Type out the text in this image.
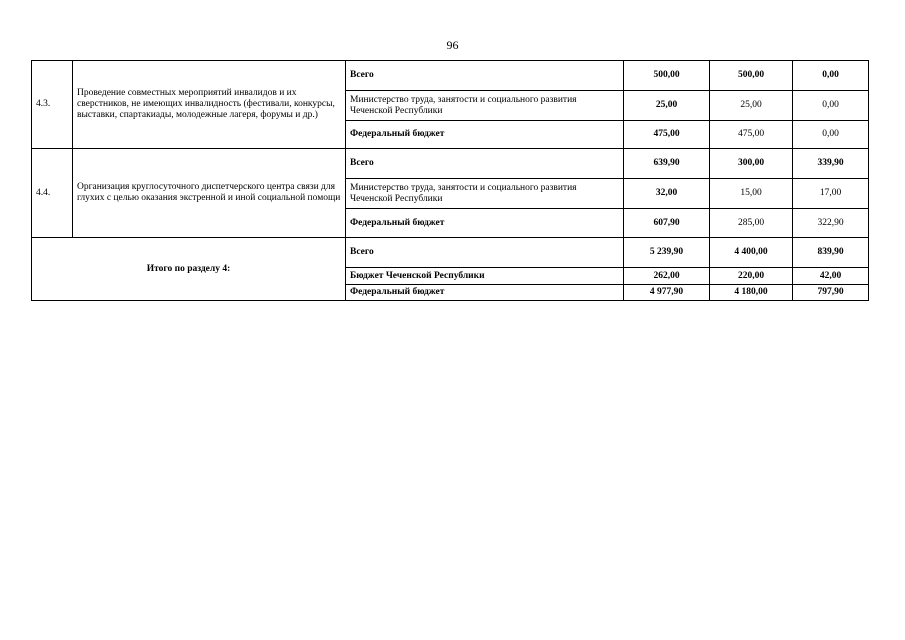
96
4.3.	Проведение совместных мероприятий инвалидов и их сверстников, не имеющих инвалидность (фестивали, конкурсы, выставки, спартакиады, молодежные лагеря, форумы и др.)	Всего	500,00	500,00	0,00
		Министерство труда, занятости и социального развития Чеченской Республики	25,00	25,00	0,00
		Федеральный бюджет	475,00	475,00	0,00
4.4.	Организация круглосуточного диспетчерского центра связи для глухих с целью оказания экстренной и иной социальной помощи	Всего	639,90	300,00	339,90
		Министерство труда, занятости и социального развития Чеченской Республики	32,00	15,00	17,00
		Федеральный бюджет	607,90	285,00	322,90
Итого по разделу 4:		Всего	5 239,90	4 400,00	839,90
		Бюджет Чеченской Республики	262,00	220,00	42,00
		Федеральный бюджет	4 977,90	4 180,00	797,90
